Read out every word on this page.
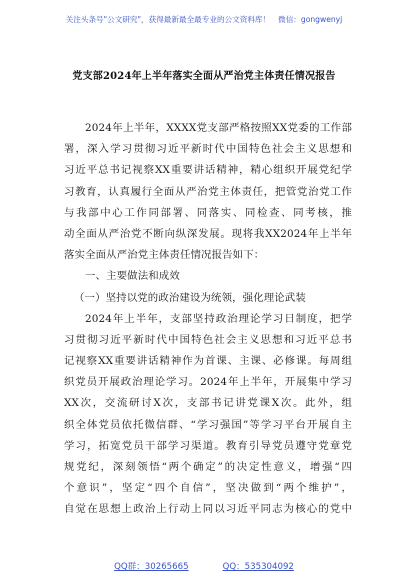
关注头条号"公文研究"，获得最新最全最专业的公文资料库！ 微信：gongwenyj
党支部2024年上半年落实全面从严治党主体责任情况报告
2024年上半年，XXXX党支部严格按照XX党委的工作部
署，深入学习贯彻习近平新时代中国特色社会主义思想和
习近平总书记视察XX重要讲话精神，精心组织开展党纪学
习教育，认真履行全面从严治党主体责任，把管党治党工作
与我部中心工作同部署、同落实、同检查、同考核，推
动全面从严治党不断向纵深发展。现将我XX2024年上半年
落实全面从严治党主体责任情况报告如下：
一、主要做法和成效
（一）坚持以党的政治建设为统领，强化理论武装
2024年上半年，支部坚持政治理论学习日制度，把学
习贯彻习近平新时代中国特色社会主义思想和习近平总书
记视察XX重要讲话精神作为首课、主课、必修课。每周组
织党员开展政治理论学习。2024年上半年，开展集中学习
XX次，交流研讨X次，支部书记讲党课X次。此外，组
织全体党员依托微信群、“学习强国”等学习平台开展自主
学习，拓宽党员干部学习渠道。教育引导党员遵守党章党
规党纪，深刻领悟“两个确定”的决定性意义，增强“四
个意识”，坚定“四个自信”，坚决做到“两个维护”，
自觉在思想上政治上行动上同以习近平同志为核心的党中
QQ群：30265665	QQ：535304092
